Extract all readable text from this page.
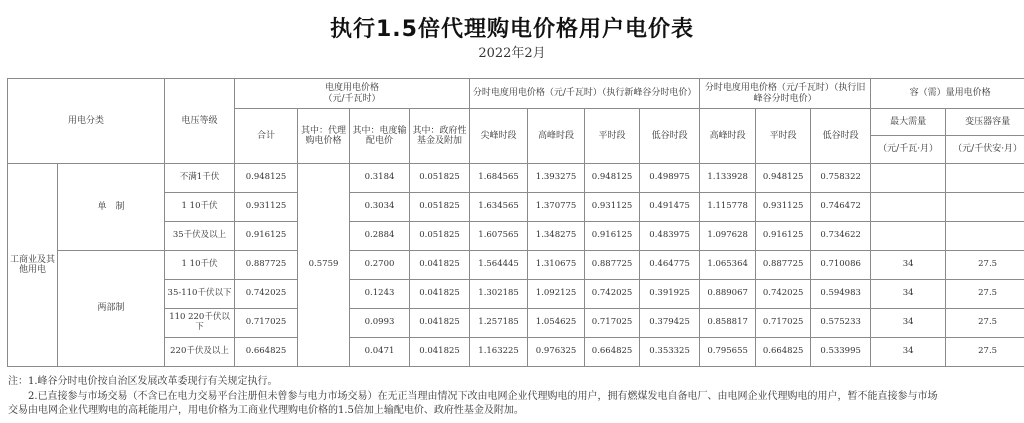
执行1.5倍代理购电价格用户电价表
2022年2月
用电分类		电压等级	电度用电价格
（元/千瓦时）				分时电度用电价格（元/千瓦时）（执行新峰谷分时电价）				分时电度用电价格（元/千瓦时）（执行旧峰谷分时电价）			容（需）量用电价格	
			合计	其中：代理购电价格	其中：电度输配电价	其中：政府性基金及附加	尖峰时段	高峰时段	平时段	低谷时段	高峰时段	平时段	低谷时段	最大需量	变压器容量
														（元/千瓦·月）	（元/千伏安·月）
工商业及其他用电	单　制	不满1千伏	0.948125	0.5759	0.3184	0.051825	1.684565	1.393275	0.948125	0.498975	1.133928	0.948125	0.758322		
		1 10千伏	0.931125		0.3034	0.051825	1.634565	1.370775	0.931125	0.491475	1.115778	0.931125	0.746472		
		35千伏及以上	0.916125		0.2884	0.051825	1.607565	1.348275	0.916125	0.483975	1.097628	0.916125	0.734622		
	两部制	1 10千伏	0.887725		0.2700	0.041825	1.564445	1.310675	0.887725	0.464775	1.065364	0.887725	0.710086	34	27.5
		35-110千伏以下	0.742025		0.1243	0.041825	1.302185	1.092125	0.742025	0.391925	0.889067	0.742025	0.594983	34	27.5
		110 220千伏以下	0.717025		0.0993	0.041825	1.257185	1.054625	0.717025	0.379425	0.858817	0.717025	0.575233	34	27.5
		220千伏及以上	0.664825		0.0471	0.041825	1.163225	0.976325	0.664825	0.353325	0.795655	0.664825	0.533995	34	27.5

注：1.峰谷分时电价按自治区发展改革委现行有关规定执行。

2.已直接参与市场交易（不含已在电力交易平台注册但未曾参与电力市场交易）在无正当理由情况下改由电网企业代理购电的用户，拥有燃煤发电自备电厂、由电网企业代理购电的用户，暂不能直接参与市场

交易由电网企业代理购电的高耗能用户，用电价格为工商业代理购电价格的1.5倍加上输配电价、政府性基金及附加。
